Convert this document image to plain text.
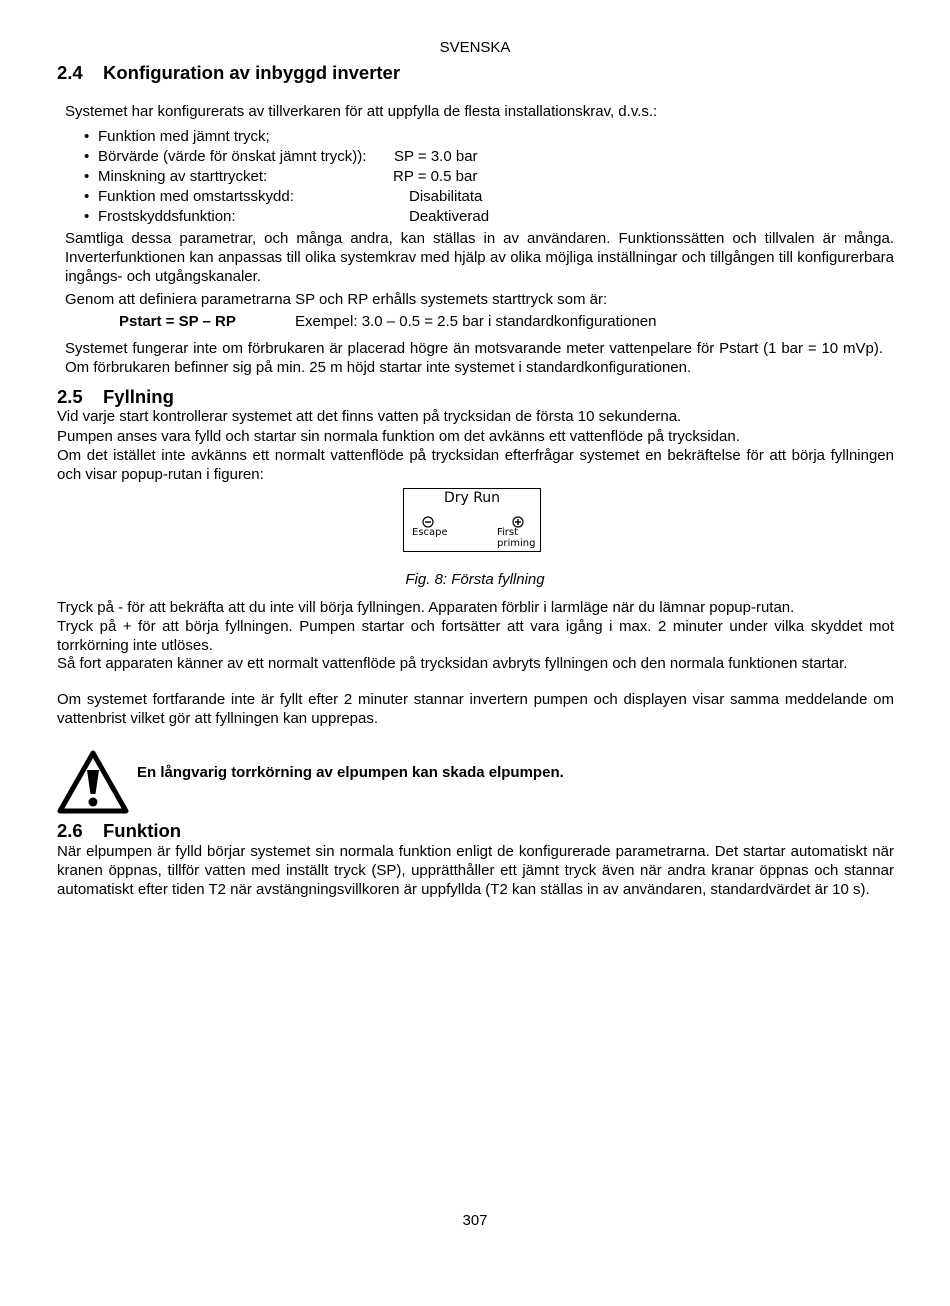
SVENSKA
2.4 Konfiguration av inbyggd inverter
Systemet har konfigurerats av tillverkaren för att uppfylla de flesta installationskrav, d.v.s.:
• Funktion med jämnt tryck;
• Börvärde (värde för önskat jämnt tryck)): SP = 3.0 bar
• Minskning av starttrycket:	RP = 0.5 bar
• Funktion med omstartsskydd:	Disabilitata
• Frostskyddsfunktion:	Deaktiverad
Samtliga dessa parametrar, och många andra, kan ställas in av användaren. Funktionssätten och tillvalen är många. Inverterfunktionen kan anpassas till olika systemkrav med hjälp av olika möjliga inställningar och tillgången till konfigurerbara ingångs- och utgångskanaler.
Genom att definiera parametrarna SP och RP erhålls systemets starttryck som är:
Pstart = SP – RP	Exempel: 3.0 – 0.5 = 2.5 bar i standardkonfigurationen
Systemet fungerar inte om förbrukaren är placerad högre än motsvarande meter vattenpelare för Pstart (1 bar = 10 mVp). Om förbrukaren befinner sig på min. 25 m höjd startar inte systemet i standardkonfigurationen.
2.5 Fyllning
Vid varje start kontrollerar systemet att det finns vatten på trycksidan de första 10 sekunderna.
Pumpen anses vara fylld och startar sin normala funktion om det avkänns ett vattenflöde på trycksidan.
Om det istället inte avkänns ett normalt vattenflöde på trycksidan efterfrågar systemet en bekräftelse för att börja fyllningen och visar popup-rutan i figuren:
Dry Run
Escape	First
priming
Fig. 8: Första fyllning
Tryck på - för att bekräfta att du inte vill börja fyllningen. Apparaten förblir i larmläge när du lämnar popup-rutan.
Tryck på + för att börja fyllningen. Pumpen startar och fortsätter att vara igång i max. 2 minuter under vilka skyddet mot torrkörning inte utlöses.
Så fort apparaten känner av ett normalt vattenflöde på trycksidan avbryts fyllningen och den normala funktionen startar.
Om systemet fortfarande inte är fyllt efter 2 minuter stannar invertern pumpen och displayen visar samma meddelande om vattenbrist vilket gör att fyllningen kan upprepas.
En långvarig torrkörning av elpumpen kan skada elpumpen.
2.6 Funktion
När elpumpen är fylld börjar systemet sin normala funktion enligt de konfigurerade parametrarna. Det startar automatiskt när kranen öppnas, tillför vatten med inställt tryck (SP), upprätthåller ett jämnt tryck även när andra kranar öppnas och stannar automatiskt efter tiden T2 när avstängningsvillkoren är uppfyllda (T2 kan ställas in av användaren, standardvärdet är 10 s).
307
